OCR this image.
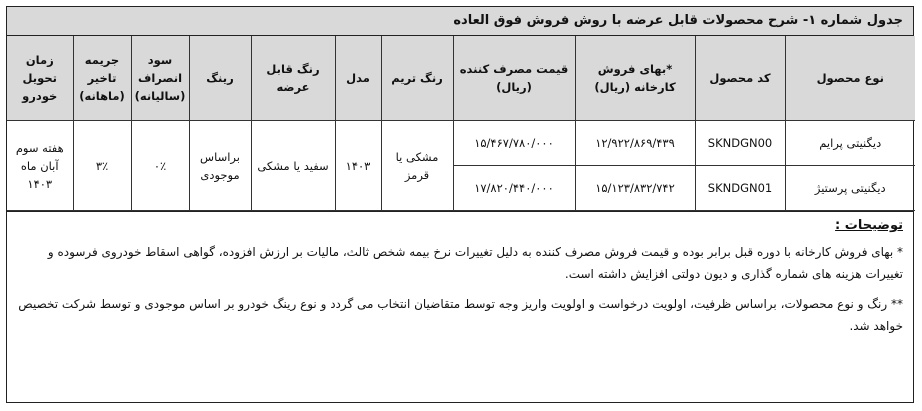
جدول شماره ۱- شرح محصولات قابل عرضه با روش فروش فوق العاده
نوع محصول	کد محصول	*بهای فروش کارخانه (ریال)	قیمت مصرف کننده (ریال)	رنگ تریم	مدل	رنگ قابل عرضه	رینگ	سود انصراف (سالیانه)	جریمه تاخیر (ماهانه)	زمان تحویل خودرو
دیگنیتی پرایم	SKNDGN00	۱۲/۹۲۲/۸۶۹/۴۳۹	۱۵/۴۶۷/۷۸۰/۰۰۰	مشکی یا قرمز	۱۴۰۳	سفید یا مشکی	براساس موجودی	۰٪	۳٪	هفته سوم آبان ماه ۱۴۰۳
دیگنیتی پرستیژ	SKNDGN01	۱۵/۱۲۳/۸۳۲/۷۴۲	۱۷/۸۲۰/۴۴۰/۰۰۰							
توضیحات :

* بهای فروش کارخانه با دوره قبل برابر بوده و قیمت فروش مصرف کننده به دلیل تغییرات نرخ بیمه شخص ثالث، مالیات بر ارزش افزوده، گواهی اسقاط خودروی فرسوده و تغییرات هزینه های شماره گذاری و دیون دولتی افزایش داشته است.

** رنگ و نوع محصولات، براساس ظرفیت، اولویت درخواست و اولویت واریز وجه توسط متقاضیان انتخاب می گردد و نوع رینگ خودرو بر اساس موجودی و توسط شرکت تخصیص خواهد شد.
